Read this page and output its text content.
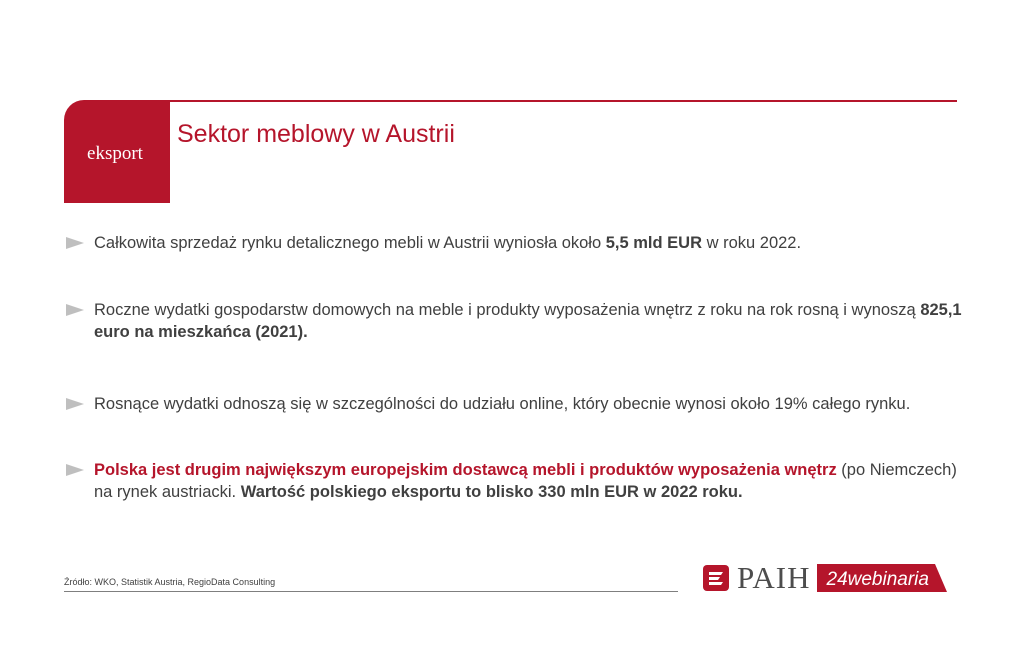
eksport
Sektor meblowy w Austrii
Całkowita sprzedaż rynku detalicznego mebli w Austrii wyniosła około 5,5 mld EUR w roku 2022.
Roczne wydatki gospodarstw domowych na meble i produkty wyposażenia wnętrz z roku na rok rosną i wynoszą 825,1 euro na mieszkańca (2021).
Rosnące wydatki odnoszą się w szczególności do udziału online, który obecnie wynosi około 19% całego rynku.
Polska jest drugim największym europejskim dostawcą mebli i produktów wyposażenia wnętrz (po Niemczech) na rynek austriacki. Wartość polskiego eksportu to blisko 330 mln EUR w 2022 roku.
Źródło: WKO, Statistik Austria, RegioData Consulting	PAIH 24webinaria
